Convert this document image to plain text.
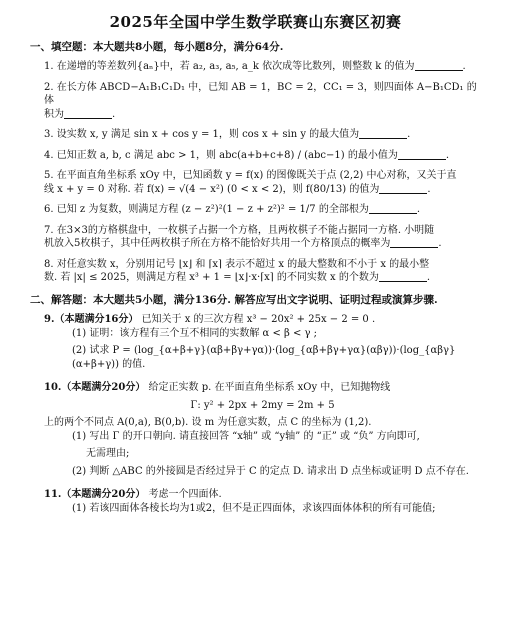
2025年全国中学生数学联赛山东赛区初赛
一、填空题：本大题共8小题，每小题8分，满分64分.
1. 在递增的等差数列{aₙ}中，若 a₂, a₃, a₅, a_k 依次成等比数列，则整数 k 的值为	.
2. 在长方体 ABCD−A₁B₁C₁D₁ 中，已知 AB = 1，BC = 2，CC₁ = 3，则四面体 A−B₁CD₁ 的体
积为	.
3. 设实数 x, y 满足 sin x + cos y = 1，则 cos x + sin y 的最大值为	.
4. 已知正数 a, b, c 满足 abc > 1，则 abc(a+b+c+8) / (abc−1) 的最小值为	.
5. 在平面直角坐标系 xOy 中，已知函数 y = f(x) 的图像既关于点 (2,2) 中心对称，又关于直
线 x + y = 0 对称. 若 f(x) = √(4 − x²) (0 < x < 2)，则 f(80/13) 的值为	.
6. 已知 z 为复数，则满足方程 (z − z²)²(1 − z + z²)² = 1/7 的全部根为	.
7. 在3×3的方格棋盘中，一枚棋子占据一个方格，且两枚棋子不能占据同一方格. 小明随
机放入5枚棋子，其中任两枚棋子所在方格不能恰好共用一个方格顶点的概率为	.
8. 对任意实数 x，分别用记号 ⌊x⌋ 和 ⌈x⌉ 表示不超过 x 的最大整数和不小于 x 的最小整
数. 若 |x| ≤ 2025，则满足方程 x³ + 1 = ⌊x⌋·x·⌈x⌉ 的不同实数 x 的个数为	.
二、解答题：本大题共5小题，满分136分. 解答应写出文字说明、证明过程或演算步骤.
9.（本题满分16分） 已知关于 x 的三次方程 x³ − 20x² + 25x − 2 = 0 .
(1) 证明：该方程有三个互不相同的实数解 α < β < γ ;
(2) 试求 P = (log_{α+β+γ}(αβ+βγ+γα))·(log_{αβ+βγ+γα}(αβγ))·(log_{αβγ}(α+β+γ)) 的值.
10.（本题满分20分） 给定正实数 p. 在平面直角坐标系 xOy 中，已知抛物线
Γ: y² + 2px + 2my = 2m + 5
上的两个不同点 A(0,a), B(0,b). 设 m 为任意实数，点 C 的坐标为 (1,2).
(1) 写出 Γ 的开口朝向. 请直接回答 “x轴” 或 “y轴” 的 “正” 或 “负” 方向即可,
无需理由;
(2) 判断 △ABC 的外接圆是否经过异于 C 的定点 D. 请求出 D 点坐标或证明 D 点不存在.
11.（本题满分20分） 考虑一个四面体.
(1) 若该四面体各棱长均为1或2，但不是正四面体，求该四面体体积的所有可能值;
